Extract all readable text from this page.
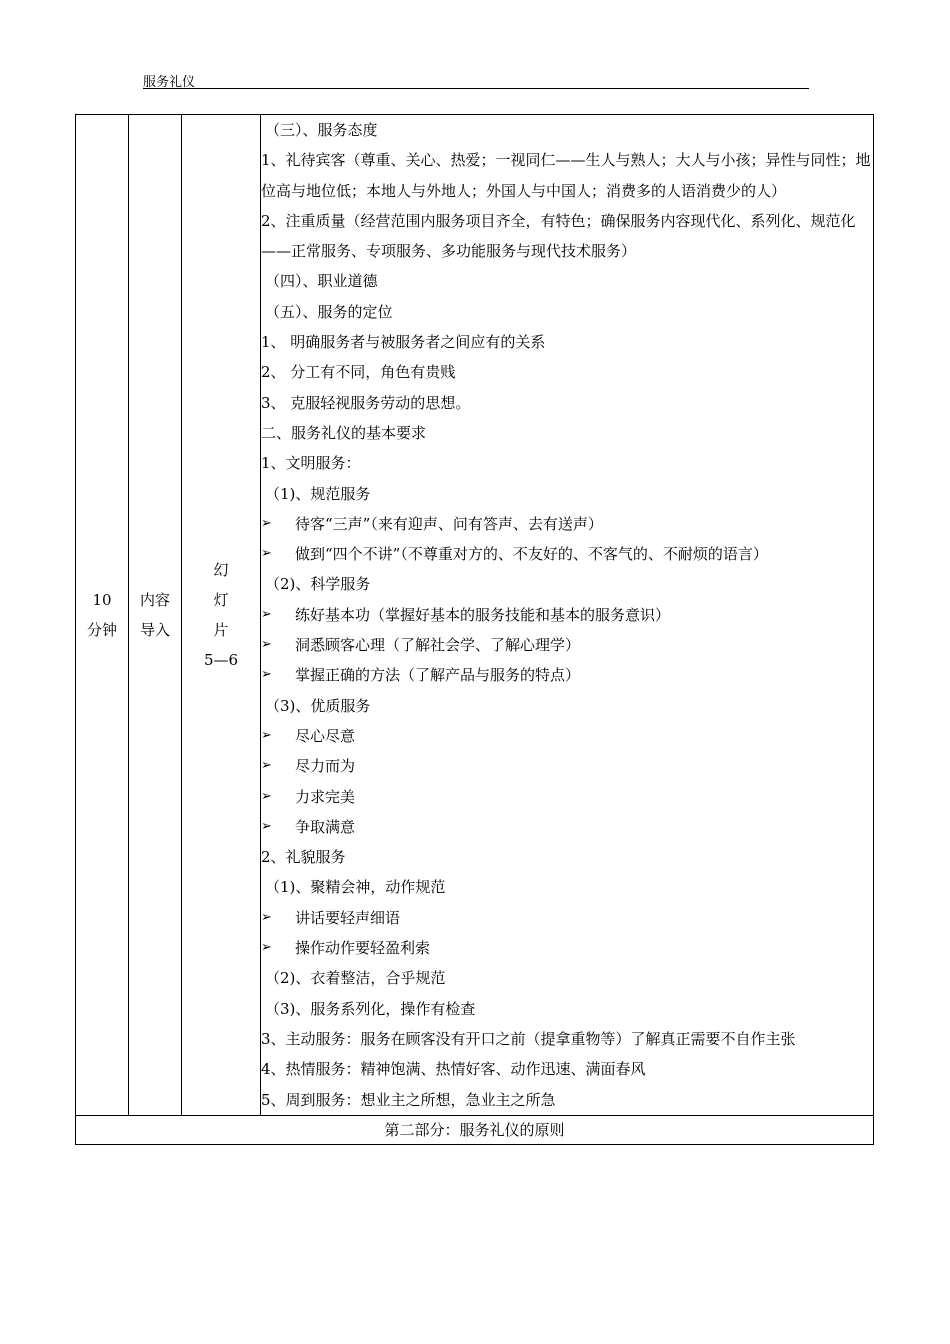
服务礼仪
10
分钟

内容
导入

幻
灯
片
5—6

（三）、服务态度
1、礼待宾客（尊重、关心、热爱；一视同仁——生人与熟人；大人与小孩；异性与同性；地位高与地位低；本地人与外地人；外国人与中国人；消费多的人语消费少的人）
2、注重质量（经营范围内服务项目齐全，有特色；确保服务内容现代化、系列化、规范化——正常服务、专项服务、多功能服务与现代技术服务）
（四）、职业道德
（五）、服务的定位
1、 明确服务者与被服务者之间应有的关系
2、 分工有不同，角色有贵贱
3、 克服轻视服务劳动的思想。
二、服务礼仪的基本要求
1、文明服务：
（1)、规范服务
➢	待客“三声”（来有迎声、问有答声、去有送声）
➢	做到“四个不讲”（不尊重对方的、不友好的、不客气的、不耐烦的语言）
（2)、科学服务
➢	练好基本功（掌握好基本的服务技能和基本的服务意识）
➢	洞悉顾客心理（了解社会学、了解心理学）
➢	掌握正确的方法（了解产品与服务的特点）
（3)、优质服务
➢	尽心尽意
➢	尽力而为
➢	力求完美
➢	争取满意
2、礼貌服务
（1)、聚精会神，动作规范
➢	讲话要轻声细语
➢	操作动作要轻盈利索
（2)、衣着整洁，合乎规范
（3)、服务系列化，操作有检查
3、主动服务：服务在顾客没有开口之前（提拿重物等）了解真正需要不自作主张
4、热情服务：精神饱满、热情好客、动作迅速、满面春风
5、周到服务：想业主之所想，急业主之所急

第二部分：服务礼仪的原则
